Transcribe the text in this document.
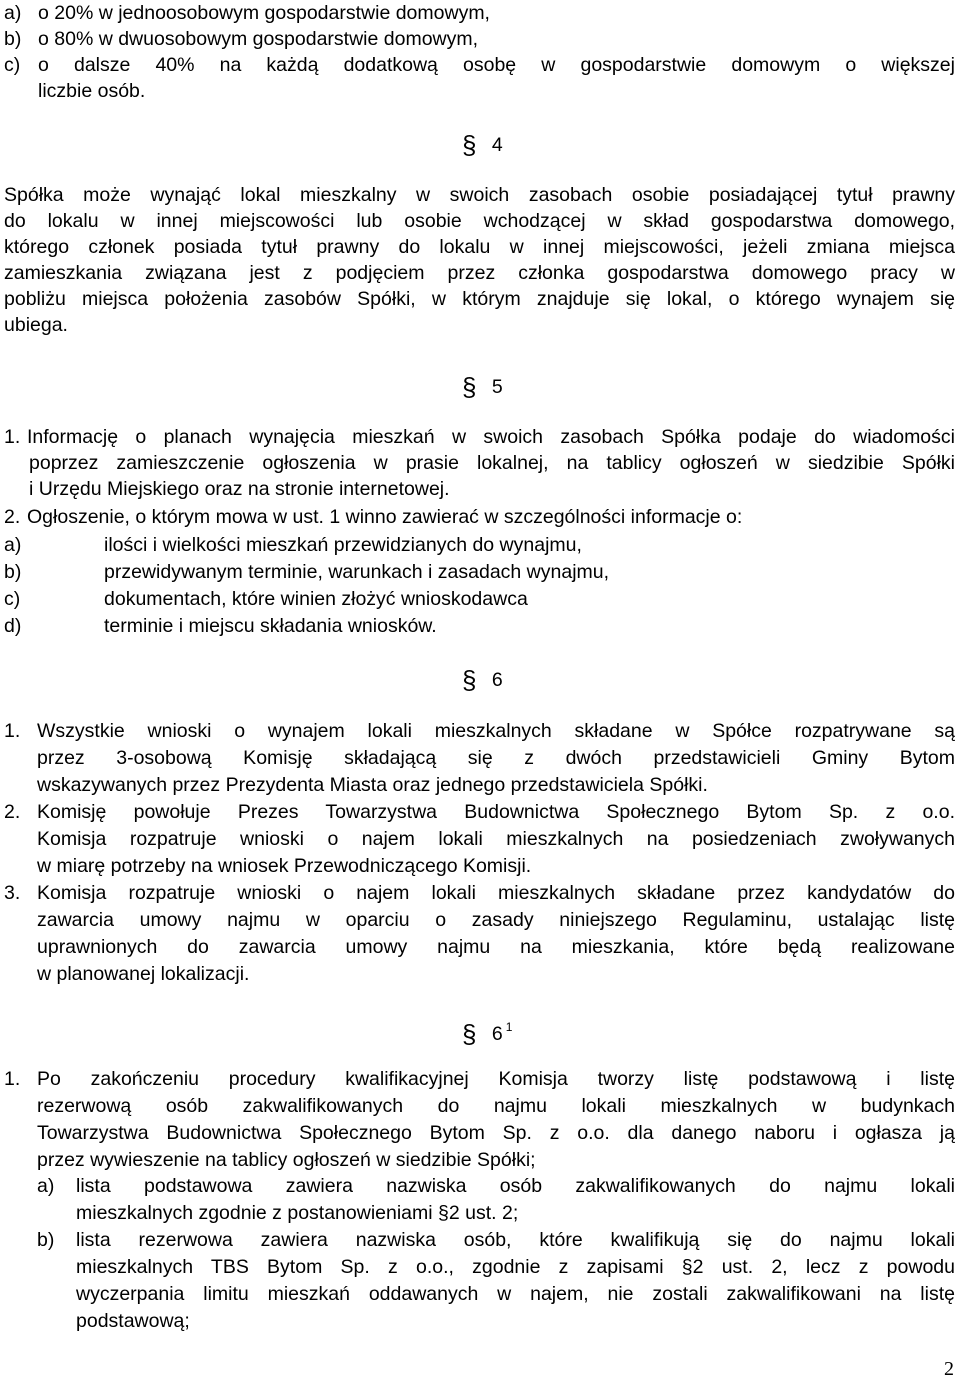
a) o 20% w jednoosobowym gospodarstwie domowym,
b) o 80% w dwuosobowym gospodarstwie domowym,
c) o dalsze 40% na każdą dodatkową osobę w gospodarstwie domowym o większej
liczbie osób.
§ 4
Spółka może wynająć lokal mieszkalny w swoich zasobach osobie posiadającej tytuł prawny
do lokalu w innej miejscowości lub osobie wchodzącej w skład gospodarstwa domowego,
którego członek posiada tytuł prawny do lokalu w innej miejscowości, jeżeli zmiana miejsca
zamieszkania związana jest z podjęciem przez członka gospodarstwa domowego pracy w
pobliżu miejsca położenia zasobów Spółki, w którym znajduje się lokal, o którego wynajem się
ubiega.
§ 5
1. Informację o planach wynajęcia mieszkań w swoich zasobach Spółka podaje do wiadomości
poprzez zamieszczenie ogłoszenia w prasie lokalnej, na tablicy ogłoszeń w siedzibie Spółki
i Urzędu Miejskiego oraz na stronie internetowej.
2. Ogłoszenie, o którym mowa w ust. 1 winno zawierać w szczególności informacje o:
a)	ilości i wielkości mieszkań przewidzianych do wynajmu,
b)	przewidywanym terminie, warunkach i zasadach wynajmu,
c)	dokumentach, które winien złożyć wnioskodawca
d)	terminie i miejscu składania wniosków.
§ 6
1. Wszystkie wnioski o wynajem lokali mieszkalnych składane w Spółce rozpatrywane są
przez 3-osobową Komisję składającą się z dwóch przedstawicieli Gminy Bytom
wskazywanych przez Prezydenta Miasta oraz jednego przedstawiciela Spółki.
2. Komisję powołuje Prezes Towarzystwa Budownictwa Społecznego Bytom Sp. z o.o.
Komisja rozpatruje wnioski o najem lokali mieszkalnych na posiedzeniach zwoływanych
w miarę potrzeby na wniosek Przewodniczącego Komisji.
3. Komisja rozpatruje wnioski o najem lokali mieszkalnych składane przez kandydatów do
zawarcia umowy najmu w oparciu o zasady niniejszego Regulaminu, ustalając listę
uprawnionych do zawarcia umowy najmu na mieszkania, które będą realizowane
w planowanej lokalizacji.
§ 6 $^1$
1. Po zakończeniu procedury kwalifikacyjnej Komisja tworzy listę podstawową i listę
rezerwową osób zakwalifikowanych do najmu lokali mieszkalnych w budynkach
Towarzystwa Budownictwa Społecznego Bytom Sp. z o.o. dla danego naboru i ogłasza ją
przez wywieszenie na tablicy ogłoszeń w siedzibie Spółki;
a) lista podstawowa zawiera nazwiska osób zakwalifikowanych do najmu lokali
mieszkalnych zgodnie z postanowieniami §2 ust. 2;
b) lista rezerwowa zawiera nazwiska osób, które kwalifikują się do najmu lokali
mieszkalnych TBS Bytom Sp. z o.o., zgodnie z zapisami §2 ust. 2, lecz z powodu
wyczerpania limitu mieszkań oddawanych w najem, nie zostali zakwalifikowani na listę
podstawową;
2
